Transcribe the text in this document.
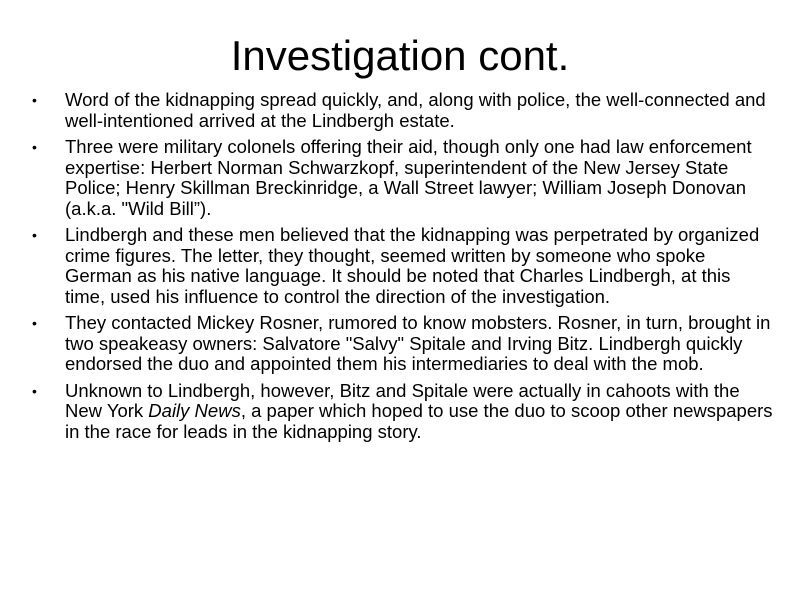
Investigation cont.
•	Word of the kidnapping spread quickly, and, along with police, the well-connected and well-intentioned arrived at the Lindbergh estate.
•	Three were military colonels offering their aid, though only one had law enforcement expertise: Herbert Norman Schwarzkopf, superintendent of the New Jersey State Police; Henry Skillman Breckinridge, a Wall Street lawyer; William Joseph Donovan (a.k.a. "Wild Bill”).
•	Lindbergh and these men believed that the kidnapping was perpetrated by organized crime figures. The letter, they thought, seemed written by someone who spoke German as his native language. It should be noted that Charles Lindbergh, at this time, used his influence to control the direction of the investigation.
•	They contacted Mickey Rosner, rumored to know mobsters. Rosner, in turn, brought in two speakeasy owners: Salvatore "Salvy" Spitale and Irving Bitz. Lindbergh quickly endorsed the duo and appointed them his intermediaries to deal with the mob.
•	Unknown to Lindbergh, however, Bitz and Spitale were actually in cahoots with the New York Daily News, a paper which hoped to use the duo to scoop other newspapers in the race for leads in the kidnapping story.
